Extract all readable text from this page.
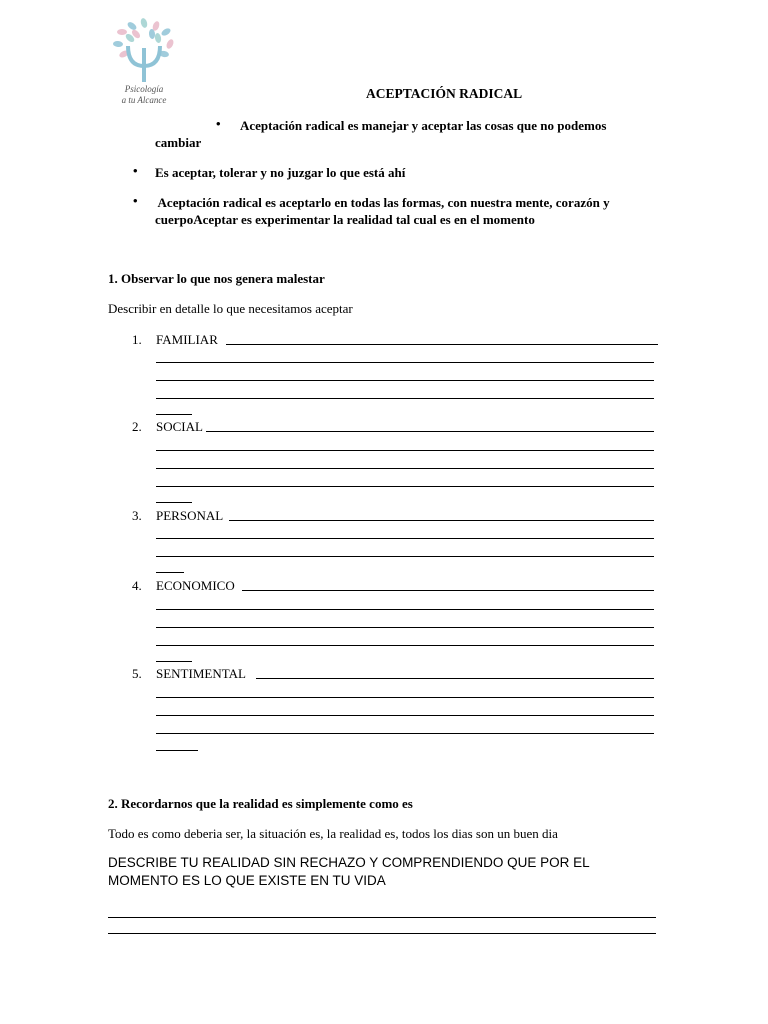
Psicología
a tu Alcance	ACEPTACIÓN RADICAL
• Aceptación radical es manejar y aceptar las cosas que no podemos
cambiar
• Es aceptar, tolerar y no juzgar lo que está ahí
• Aceptación radical es aceptarlo en todas las formas, con nuestra mente, corazón y
cuerpoAceptar es experimentar la realidad tal cual es en el momento
1. Observar lo que nos genera malestar
Describir en detalle lo que necesitamos aceptar
1. FAMILIAR
2. SOCIAL
3. PERSONAL
4. ECONOMICO
5. SENTIMENTAL
2. Recordarnos que la realidad es simplemente como es
Todo es como deberia ser, la situación es, la realidad es, todos los dias son un buen dia
DESCRIBE TU REALIDAD SIN RECHAZO Y COMPRENDIENDO QUE POR EL
MOMENTO ES LO QUE EXISTE EN TU VIDA
